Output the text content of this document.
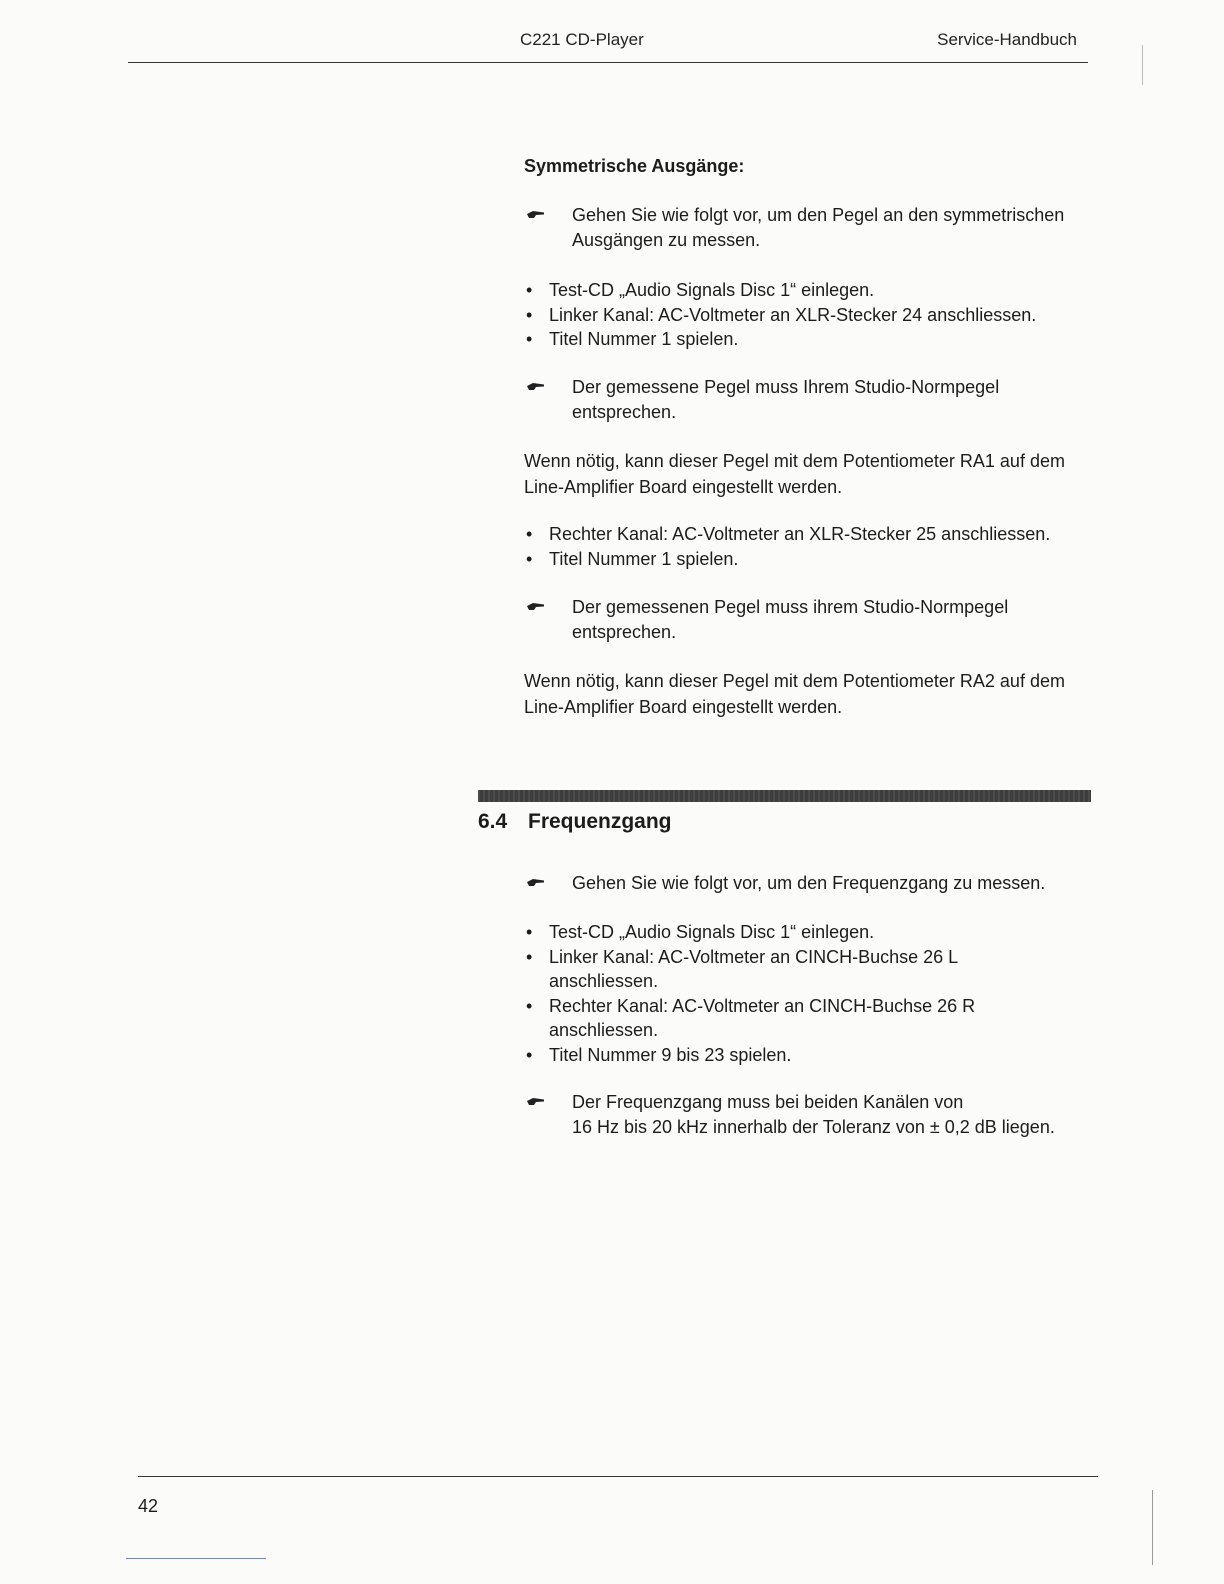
C221 CD-Player	Service-Handbuch
Symmetrische Ausgänge:
Gehen Sie wie folgt vor, um den Pegel an den symmetrischen Ausgängen zu messen.
• Test-CD „Audio Signals Disc 1“ einlegen.
• Linker Kanal: AC-Voltmeter an XLR-Stecker 24 anschliessen.
• Titel Nummer 1 spielen.
Der gemessene Pegel muss Ihrem Studio-Normpegel entsprechen.
Wenn nötig, kann dieser Pegel mit dem Potentiometer RA1 auf dem Line-Amplifier Board eingestellt werden.
• Rechter Kanal: AC-Voltmeter an XLR-Stecker 25 anschliessen.
• Titel Nummer 1 spielen.
Der gemessenen Pegel muss ihrem Studio-Normpegel entsprechen.
Wenn nötig, kann dieser Pegel mit dem Potentiometer RA2 auf dem Line-Amplifier Board eingestellt werden.
6.4 Frequenzgang
Gehen Sie wie folgt vor, um den Frequenzgang zu messen.
• Test-CD „Audio Signals Disc 1“ einlegen.
• Linker Kanal: AC-Voltmeter an CINCH-Buchse 26 L anschliessen.
• Rechter Kanal: AC-Voltmeter an CINCH-Buchse 26 R anschliessen.
• Titel Nummer 9 bis 23 spielen.
Der Frequenzgang muss bei beiden Kanälen von
16 Hz bis 20 kHz innerhalb der Toleranz von ± 0,2 dB liegen.
42
